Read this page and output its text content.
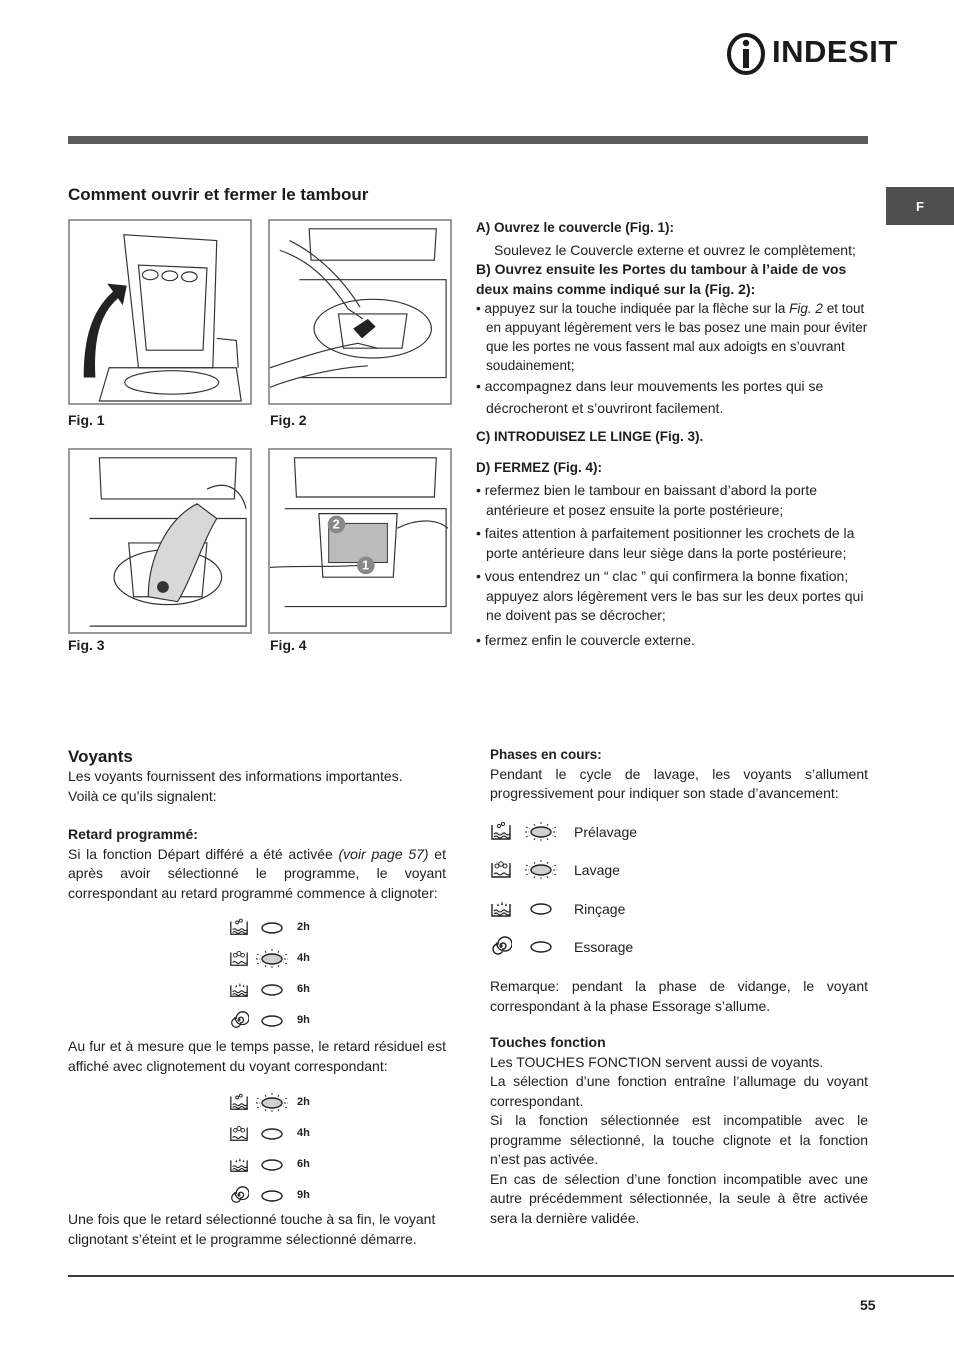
INDESIT
F
Comment ouvrir et fermer le tambour
Fig. 1	Fig. 2
Fig. 3
2
1
Fig. 4

A) Ouvrez le couvercle (Fig. 1):

Soulevez le Couvercle externe et ouvrez le complètement;

B) Ouvrez ensuite les Portes du tambour à l’aide de vos deux mains comme indiqué sur la (Fig. 2):

• appuyez sur la touche indiquée par la flèche sur la Fig. 2 et tout en appuyant légèrement vers le bas posez une main pour éviter que les portes ne vous fassent mal aux adoigts en s’ouvrant soudainement;

• accompagnez dans leur mouvements les portes qui se décrocheront et s’ouvriront facilement.

C) INTRODUISEZ LE LINGE (Fig. 3).

D) FERMEZ (Fig. 4):

• refermez bien le tambour en baissant d’abord la porte antérieure et posez ensuite la porte postérieure;

• faites attention à parfaitement positionner les crochets de la porte antérieure dans leur siège dans la porte postérieure;

• vous entendrez un “ clac ” qui confirmera la bonne fixation; appuyez alors légèrement vers le bas sur les deux portes qui ne doivent pas se décrocher;

• fermez enfin le couvercle externe.

Voyants

Les voyants fournissent des informations importantes.

Voilà ce qu’ils signalent:

Retard programmé:

Si la fonction Départ différé a été activée (voir page 57) et après avoir sélectionné le programme, le voyant correspondant au retard programmé commence à clignoter:

2h
4h
6h
9h
Au fur et à mesure que le temps passe, le retard résiduel est affiché avec clignotement du voyant correspondant:
2h
4h
6h
9h
Une fois que le retard sélectionné touche à sa fin, le voyant clignotant s’éteint et le programme sélectionné démarre.

Phases en cours:

Pendant le cycle de lavage, les voyants s’allument progressivement pour indiquer son stade d’avancement:

Prélavage
Lavage
Rinçage
Essorage
Remarque: pendant la phase de vidange, le voyant correspondant à la phase Essorage s’allume.

Touches fonction

Les TOUCHES FONCTION servent aussi de voyants.

La sélection d’une fonction entraîne l’allumage du voyant correspondant.

Si la fonction sélectionnée est incompatible avec le programme sélectionné, la touche clignote et la fonction n’est pas activée.

En cas de sélection d’une fonction incompatible avec une autre précédemment sélectionnée, la seule à être activée sera la dernière validée.

55
